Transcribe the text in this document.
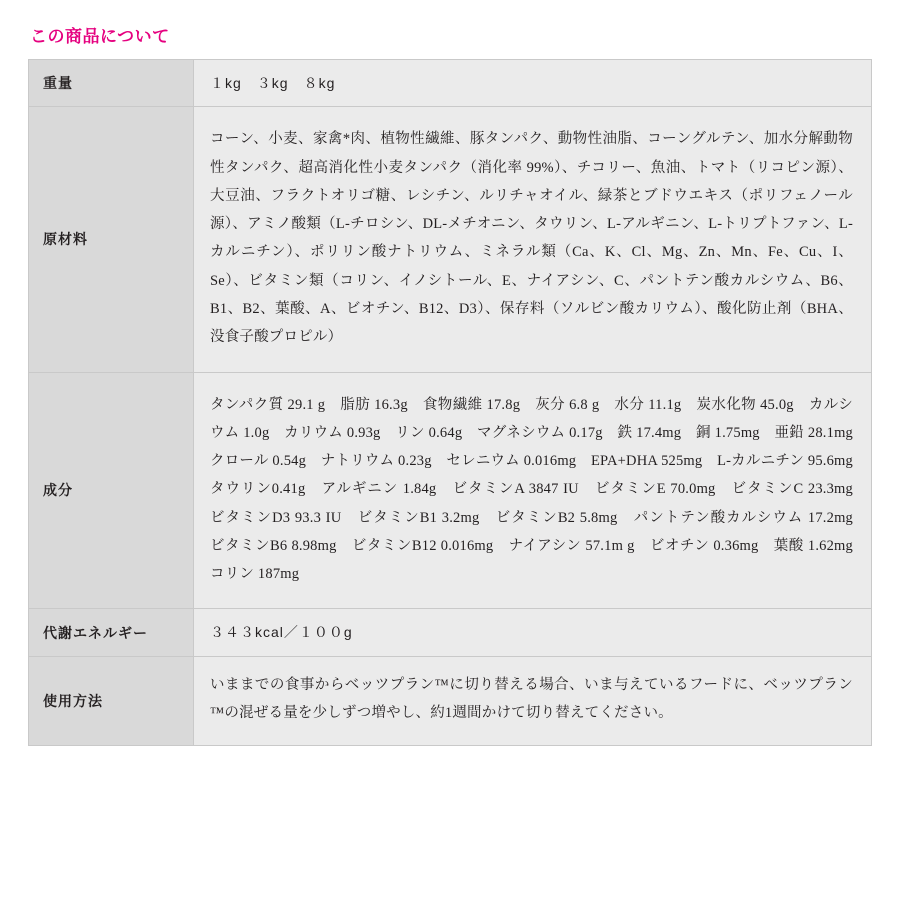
この商品について
重量	１kg　３kg　８kg
原材料	コーン、小麦、家禽*肉、植物性繊維、豚タンパク、動物性油脂、コーングルテン、加水分解動物性タンパク、超高消化性小麦タンパク（消化率 99%）、チコリー、魚油、トマト（リコピン源）、大豆油、フラクトオリゴ糖、レシチン、ルリチャオイル、緑茶とブドウエキス（ポリフェノール源）、アミノ酸類（L-チロシン、DL-メチオニン、タウリン、L-アルギニン、L-トリプトファン、L-カルニチン）、ポリリン酸ナトリウム、ミネラル類（Ca、K、Cl、Mg、Zn、Mn、Fe、Cu、I、Se）、ビタミン類（コリン、イノシトール、E、ナイアシン、C、パントテン酸カルシウム、B6、B1、B2、葉酸、A、ビオチン、B12、D3）、保存料（ソルビン酸カリウム）、酸化防止剤（BHA、没食子酸プロピル）
成分	タンパク質 29.1 g　脂肪 16.3g　食物繊維 17.8g　灰分 6.8 g　水分 11.1g　炭水化物 45.0g　カルシウム 1.0g　カリウム 0.93g　リン 0.64g　マグネシウム 0.17g　鉄 17.4mg　銅 1.75mg　亜鉛 28.1mg　クロール 0.54g　ナトリウム 0.23g　セレニウム 0.016mg　EPA+DHA 525mg　L-カルニチン 95.6mg　タウリン0.41g　アルギニン 1.84g　ビタミンA 3847 IU　ビタミンE 70.0mg　ビタミンC 23.3mg　ビタミンD3 93.3 IU　ビタミンB1 3.2mg　ビタミンB2 5.8mg　パントテン酸カルシウム 17.2mg　ビタミンB6 8.98mg　ビタミンB12 0.016mg　ナイアシン 57.1m g　ビオチン 0.36mg　葉酸 1.62mg　コリン 187mg
代謝エネルギー	３４３kcal／１００g
使用方法	いままでの食事からベッツプラン™に切り替える場合、いま与えているフードに、ベッツプラン™の混ぜる量を少しずつ増やし、約1週間かけて切り替えてください。
